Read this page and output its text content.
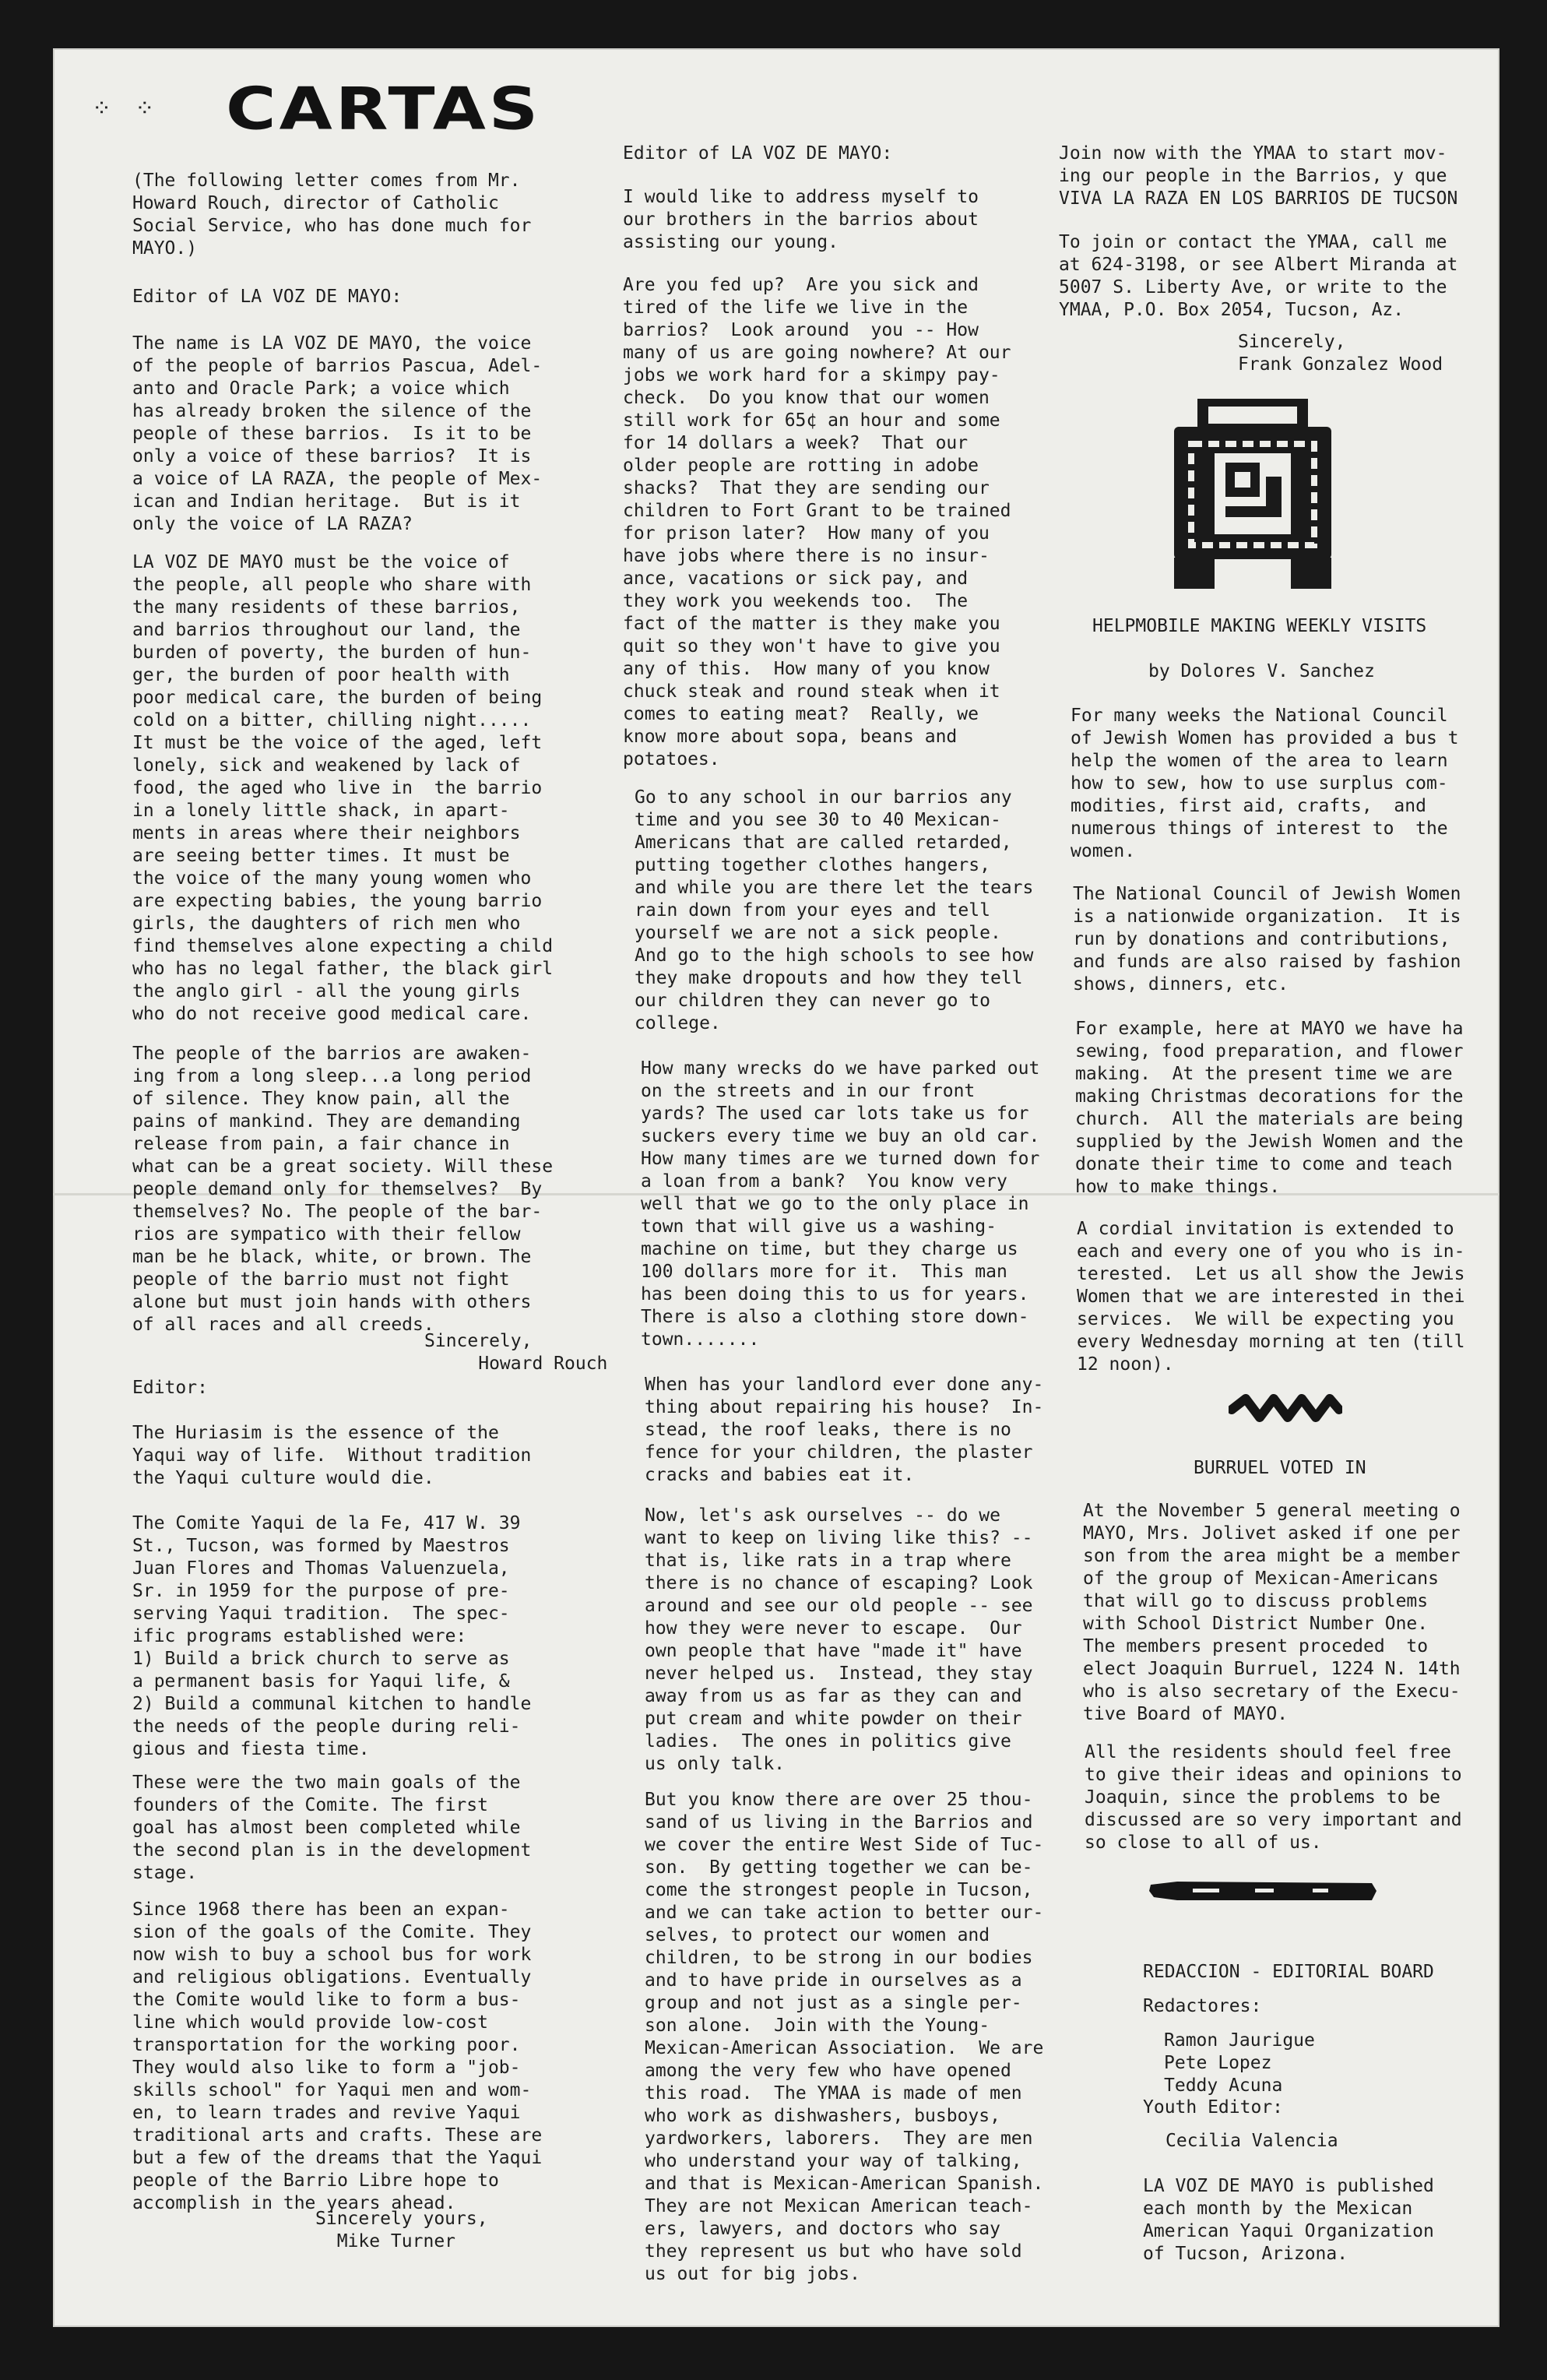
⁘ ⁘ CARTAS
(The following letter comes from Mr.
Howard Rouch, director of Catholic
Social Service, who has done much for
MAYO.)
Editor of LA VOZ DE MAYO:
The name is LA VOZ DE MAYO, the voice
of the people of barrios Pascua, Adel-
anto and Oracle Park; a voice which
has already broken the silence of the
people of these barrios.  Is it to be
only a voice of these barrios?  It is
a voice of LA RAZA, the people of Mex-
ican and Indian heritage.  But is it
only the voice of LA RAZA?
LA VOZ DE MAYO must be the voice of
the people, all people who share with
the many residents of these barrios,
and barrios throughout our land, the
burden of poverty, the burden of hun-
ger, the burden of poor health with
poor medical care, the burden of being
cold on a bitter, chilling night.....
It must be the voice of the aged, left
lonely, sick and weakened by lack of
food, the aged who live in  the barrio
in a lonely little shack, in apart-
ments in areas where their neighbors
are seeing better times. It must be
the voice of the many young women who
are expecting babies, the young barrio
girls, the daughters of rich men who
find themselves alone expecting a child
who has no legal father, the black girl
the anglo girl - all the young girls
who do not receive good medical care.
The people of the barrios are awaken-
ing from a long sleep...a long period
of silence. They know pain, all the
pains of mankind. They are demanding
release from pain, a fair chance in
what can be a great society. Will these
people demand only for themselves?  By
themselves? No. The people of the bar-
rios are sympatico with their fellow
man be he black, white, or brown. The
people of the barrio must not fight
alone but must join hands with others
of all races and all creeds.
Sincerely,
Howard Rouch
Editor:
The Huriasim is the essence of the
Yaqui way of life.  Without tradition
the Yaqui culture would die.
The Comite Yaqui de la Fe, 417 W. 39
St., Tucson, was formed by Maestros
Juan Flores and Thomas Valuenzuela,
Sr. in 1959 for the purpose of pre-
serving Yaqui tradition.  The spec-
ific programs established were:
1) Build a brick church to serve as
a permanent basis for Yaqui life, &
2) Build a communal kitchen to handle
the needs of the people during reli-
gious and fiesta time.
These were the two main goals of the
founders of the Comite. The first
goal has almost been completed while
the second plan is in the development
stage.
Since 1968 there has been an expan-
sion of the goals of the Comite. They
now wish to buy a school bus for work
and religious obligations. Eventually
the Comite would like to form a bus-
line which would provide low-cost
transportation for the working poor.
They would also like to form a "job-
skills school" for Yaqui men and wom-
en, to learn trades and revive Yaqui
traditional arts and crafts. These are
but a few of the dreams that the Yaqui
people of the Barrio Libre hope to
accomplish in the years ahead.
Sincerely yours,
Mike Turner
Editor of LA VOZ DE MAYO:
I would like to address myself to
our brothers in the barrios about
assisting our young.
Are you fed up?  Are you sick and
tired of the life we live in the
barrios?  Look around  you -- How
many of us are going nowhere? At our
jobs we work hard for a skimpy pay-
check.  Do you know that our women
still work for 65¢ an hour and some
for 14 dollars a week?  That our
older people are rotting in adobe
shacks?  That they are sending our
children to Fort Grant to be trained
for prison later?  How many of you
have jobs where there is no insur-
ance, vacations or sick pay, and
they work you weekends too.  The
fact of the matter is they make you
quit so they won't have to give you
any of this.  How many of you know
chuck steak and round steak when it
comes to eating meat?  Really, we
know more about sopa, beans and
potatoes.
Go to any school in our barrios any
time and you see 30 to 40 Mexican-
Americans that are called retarded,
putting together clothes hangers,
and while you are there let the tears
rain down from your eyes and tell
yourself we are not a sick people.
And go to the high schools to see how
they make dropouts and how they tell
our children they can never go to
college.
How many wrecks do we have parked out
on the streets and in our front
yards? The used car lots take us for
suckers every time we buy an old car.
How many times are we turned down for
a loan from a bank?  You know very
well that we go to the only place in
town that will give us a washing-
machine on time, but they charge us
100 dollars more for it.  This man
has been doing this to us for years.
There is also a clothing store down-
town.......
When has your landlord ever done any-
thing about repairing his house?  In-
stead, the roof leaks, there is no
fence for your children, the plaster
cracks and babies eat it.
Now, let's ask ourselves -- do we
want to keep on living like this? --
that is, like rats in a trap where
there is no chance of escaping? Look
around and see our old people -- see
how they were never to escape.  Our
own people that have "made it" have
never helped us.  Instead, they stay
away from us as far as they can and
put cream and white powder on their
ladies.  The ones in politics give
us only talk.
But you know there are over 25 thou-
sand of us living in the Barrios and
we cover the entire West Side of Tuc-
son.  By getting together we can be-
come the strongest people in Tucson,
and we can take action to better our-
selves, to protect our women and
children, to be strong in our bodies
and to have pride in ourselves as a
group and not just as a single per-
son alone.  Join with the Young-
Mexican-American Association.  We are
among the very few who have opened
this road.  The YMAA is made of men
who work as dishwashers, busboys,
yardworkers, laborers.  They are men
who understand your way of talking,
and that is Mexican-American Spanish.
They are not Mexican American teach-
ers, lawyers, and doctors who say
they represent us but who have sold
us out for big jobs.
Join now with the YMAA to start mov-
ing our people in the Barrios, y que
VIVA LA RAZA EN LOS BARRIOS DE TUCSON
To join or contact the YMAA, call me
at 624-3198, or see Albert Miranda at
5007 S. Liberty Ave, or write to the
YMAA, P.O. Box 2054, Tucson, Az.
Sincerely,
Frank Gonzalez Wood
HELPMOBILE MAKING WEEKLY VISITS
by Dolores V. Sanchez
For many weeks the National Council
of Jewish Women has provided a bus t
help the women of the area to learn
how to sew, how to use surplus com-
modities, first aid, crafts,  and
numerous things of interest to  the
women.
The National Council of Jewish Women
is a nationwide organization.  It is
run by donations and contributions,
and funds are also raised by fashion
shows, dinners, etc.
For example, here at MAYO we have ha
sewing, food preparation, and flower
making.  At the present time we are
making Christmas decorations for the
church.  All the materials are being
supplied by the Jewish Women and the
donate their time to come and teach
how to make things.
A cordial invitation is extended to
each and every one of you who is in-
terested.  Let us all show the Jewis
Women that we are interested in thei
services.  We will be expecting you
every Wednesday morning at ten (till
12 noon).
BURRUEL VOTED IN
At the November 5 general meeting o
MAYO, Mrs. Jolivet asked if one per
son from the area might be a member
of the group of Mexican-Americans
that will go to discuss problems
with School District Number One.
The members present proceded  to
elect Joaquin Burruel, 1224 N. 14th
who is also secretary of the Execu-
tive Board of MAYO.
All the residents should feel free
to give their ideas and opinions to
Joaquin, since the problems to be
discussed are so very important and
so close to all of us.
REDACCION - EDITORIAL BOARD
Redactores:
Ramon Jaurigue
Pete Lopez
Teddy Acuna
Youth Editor:
Cecilia Valencia
LA VOZ DE MAYO is published
each month by the Mexican
American Yaqui Organization
of Tucson, Arizona.
